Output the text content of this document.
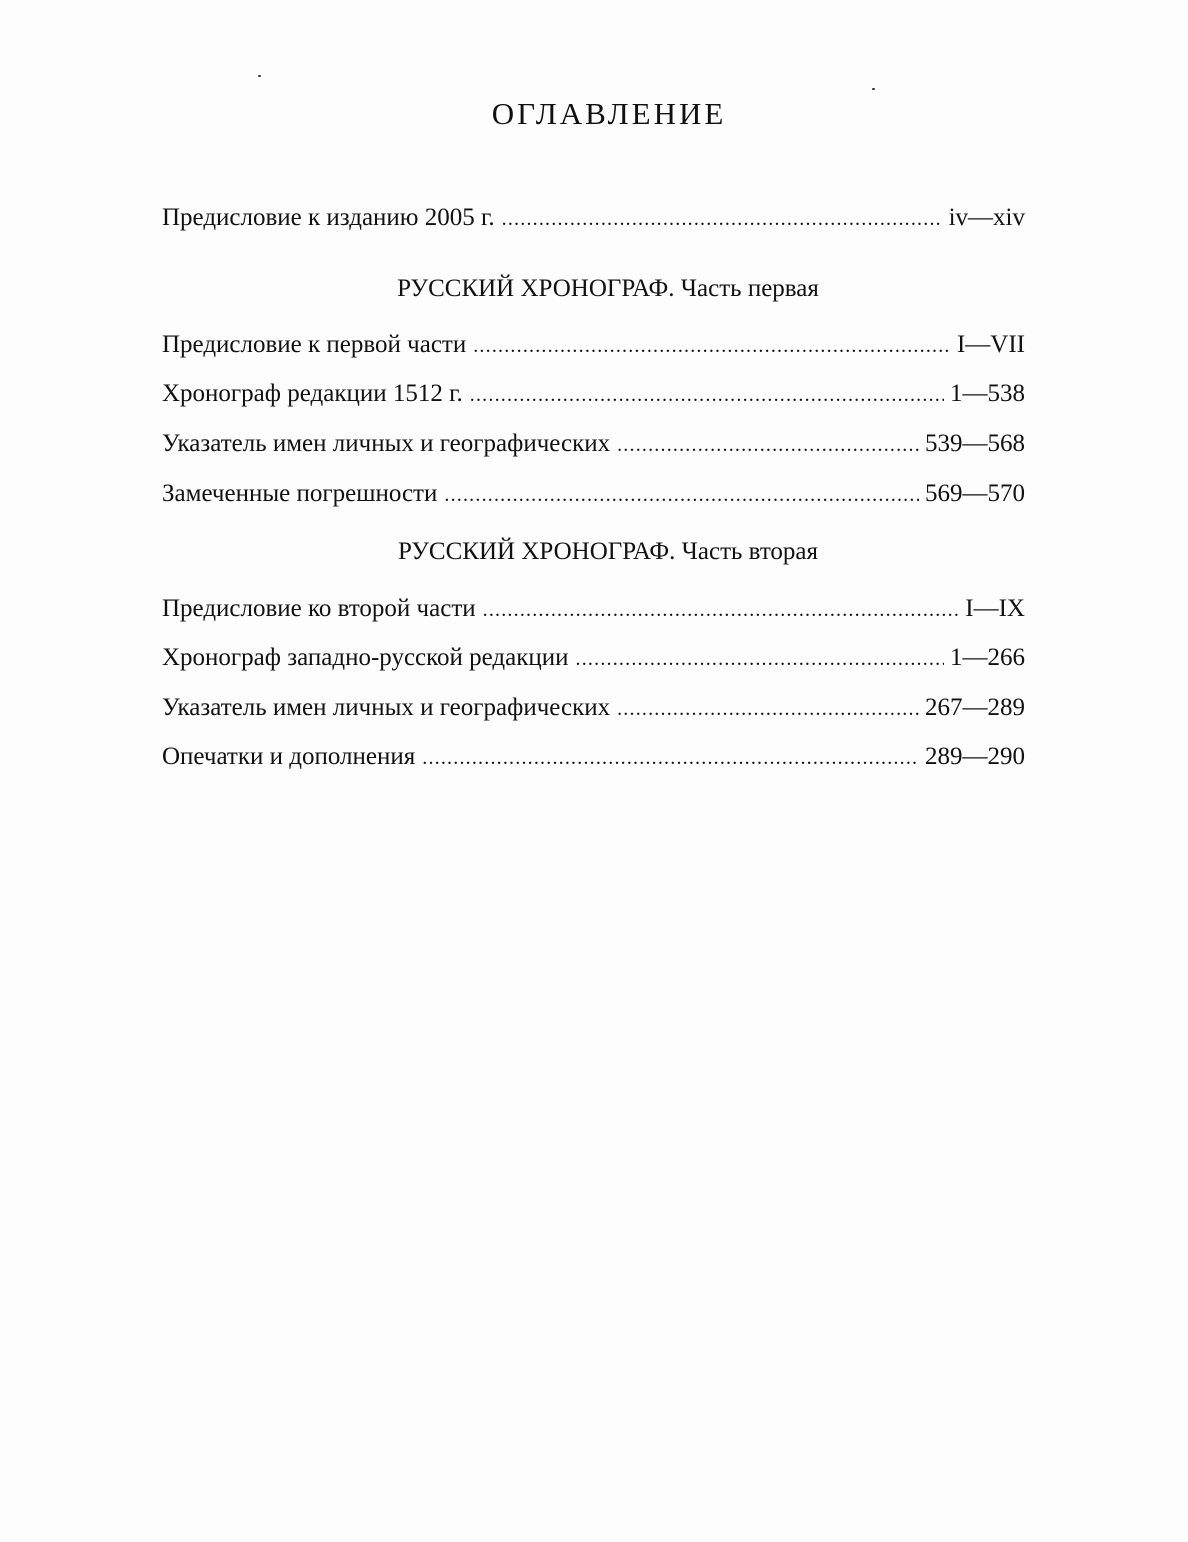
ОГЛАВЛЕНИЕ
Предисловие к изданию 2005 г. .....	iv—xiv
РУССКИЙ ХРОНОГРАФ. Часть первая
Предисловие к первой части .....	I—VII
Хронограф редакции 1512 г. .....	1—538
Указатель имен личных и географических .....	539—568
Замеченные погрешности .....	569—570
РУССКИЙ ХРОНОГРАФ. Часть вторая
Предисловие ко второй части .....	I—IX
Хронограф западно-русской редакции .....	1—266
Указатель имен личных и географических .....	267—289
Опечатки и дополнения .....	289—290
